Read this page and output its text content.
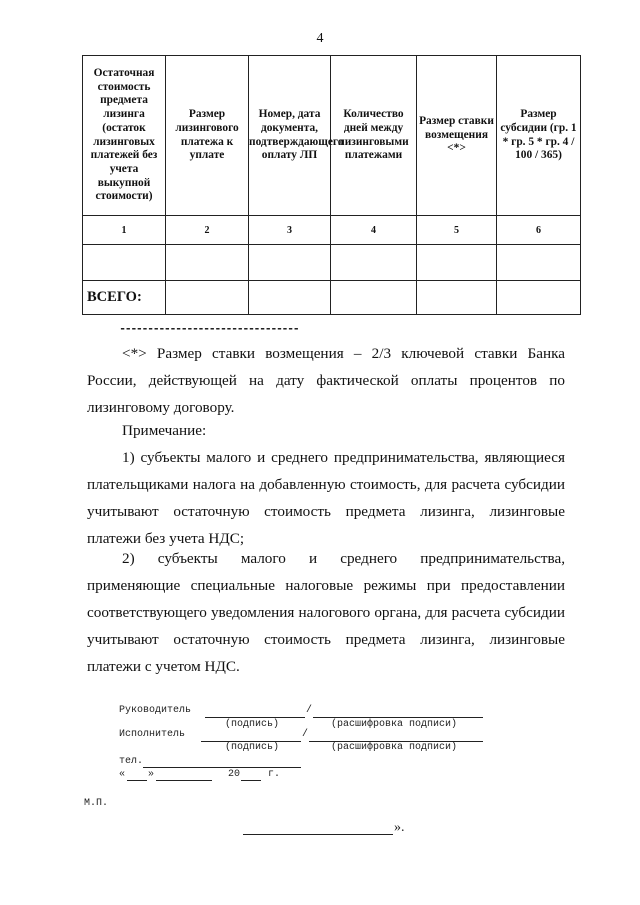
4
Остаточная стоимость предмета лизинга (остаток лизинговых платежей без учета выкупной стоимости)	Размер лизингового платежа к уплате	Номер, дата документа, подтверждающего оплату ЛП	Количество дней между лизинговыми платежами	Размер ставки возмещения <*>	Размер субсидии (гр. 1 * гр. 5 * гр. 4 / 100 / 365)
1	2	3	4	5	6

ВСЕГО:					
--------------------------------
<*> Размер ставки возмещения – 2/3 ключевой ставки Банка России, действующей на дату фактической оплаты процентов по лизинговому договору.
Примечание:
1) субъекты малого и среднего предпринимательства, являющиеся плательщиками налога на добавленную стоимость, для расчета субсидии учитывают остаточную стоимость предмета лизинга, лизинговые платежи без учета НДС;
2) субъекты малого и среднего предпринимательства, применяющие специальные налоговые режимы при предоставлении соответствующего уведомления налогового органа, для расчета субсидии учитывают остаточную стоимость предмета лизинга, лизинговые платежи с учетом НДС.
Руководитель	/
(подпись)	(расшифровка подписи)
Исполнитель	/
(подпись)	(расшифровка подписи)
тел.
« »	20	г.
М.П.
».
